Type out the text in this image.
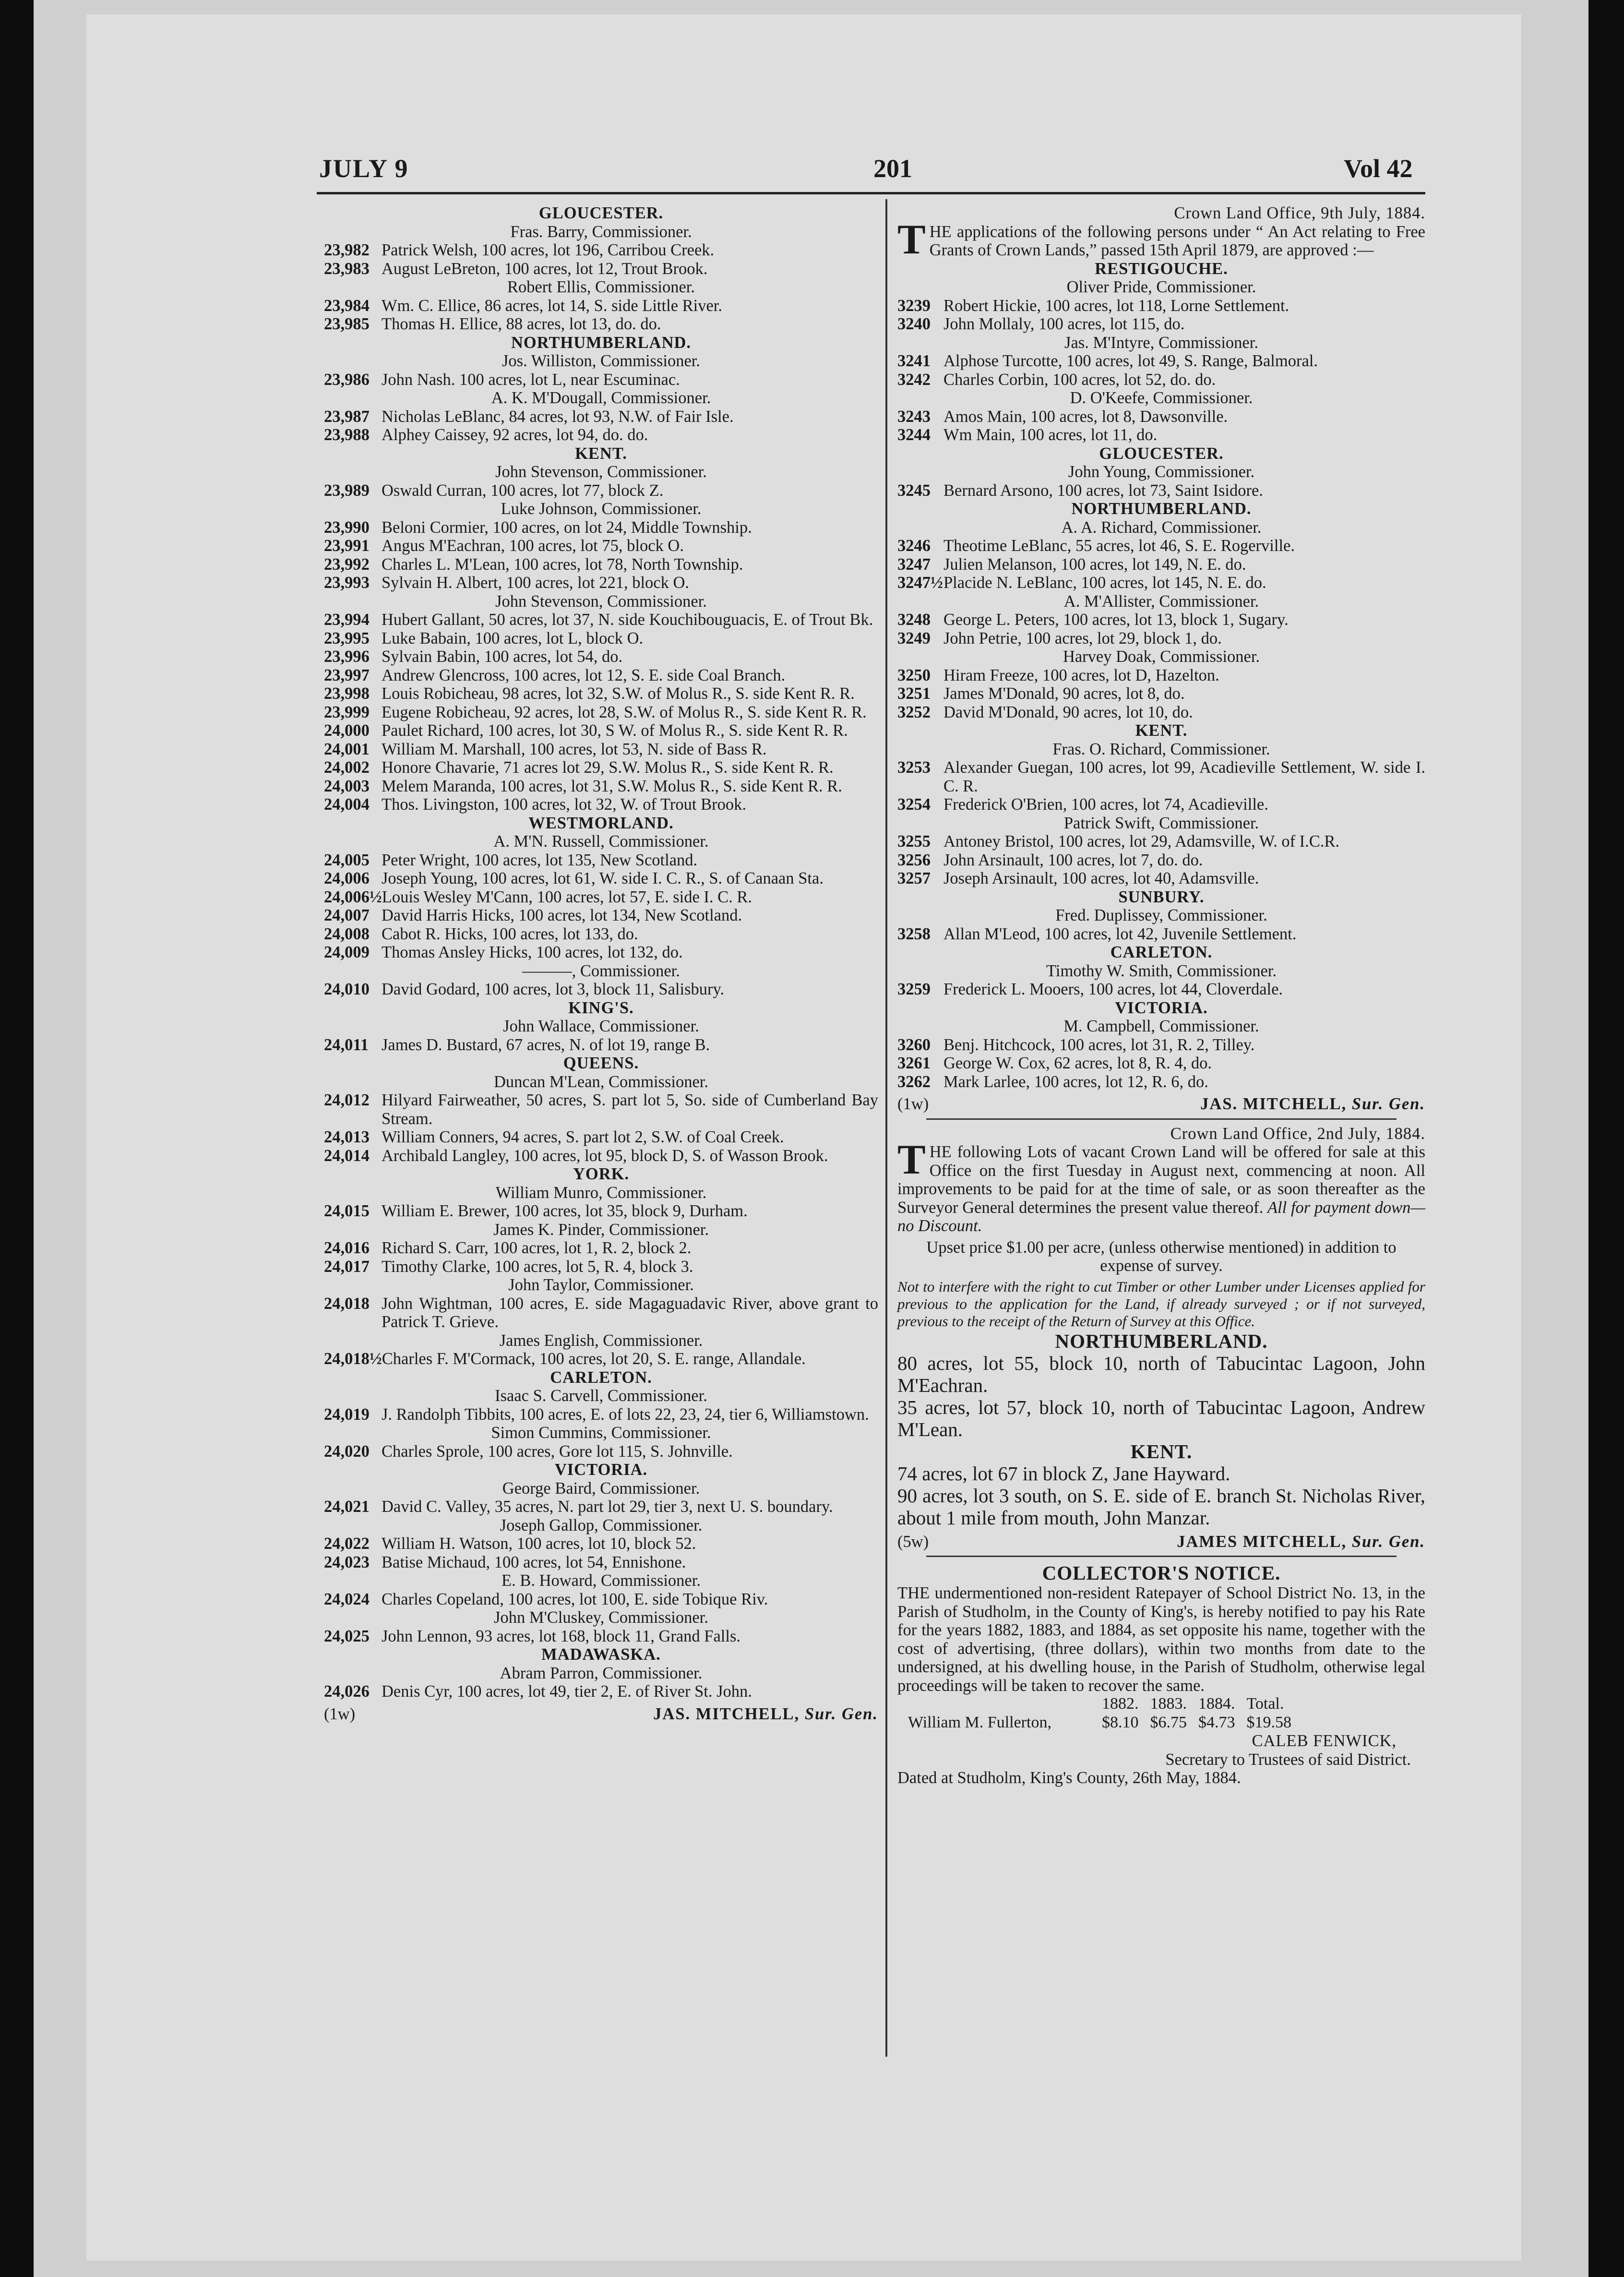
JULY 9	201	Vol 42
GLOUCESTER.
Fras. Barry, Commissioner.
23,982 Patrick Welsh, 100 acres, lot 196, Carribou Creek.
23,983 August LeBreton, 100 acres, lot 12, Trout Brook.
Robert Ellis, Commissioner.
23,984 Wm. C. Ellice, 86 acres, lot 14, S. side Little River.
23,985 Thomas H. Ellice, 88 acres, lot 13, do. do.
NORTHUMBERLAND.
Jos. Williston, Commissioner.
23,986 John Nash. 100 acres, lot L, near Escuminac.
A. K. M'Dougall, Commissioner.
23,987 Nicholas LeBlanc, 84 acres, lot 93, N.W. of Fair Isle.
23,988 Alphey Caissey, 92 acres, lot 94, do. do.
KENT.
John Stevenson, Commissioner.
23,989 Oswald Curran, 100 acres, lot 77, block Z.
Luke Johnson, Commissioner.
23,990 Beloni Cormier, 100 acres, on lot 24, Middle Township.
23,991 Angus M'Eachran, 100 acres, lot 75, block O.
23,992 Charles L. M'Lean, 100 acres, lot 78, North Township.
23,993 Sylvain H. Albert, 100 acres, lot 221, block O.
John Stevenson, Commissioner.
23,994 Hubert Gallant, 50 acres, lot 37, N. side Kouchibouguacis, E. of Trout Bk.
23,995 Luke Babain, 100 acres, lot L, block O.
23,996 Sylvain Babin, 100 acres, lot 54, do.
23,997 Andrew Glencross, 100 acres, lot 12, S. E. side Coal Branch.
23,998 Louis Robicheau, 98 acres, lot 32, S.W. of Molus R., S. side Kent R. R.
23,999 Eugene Robicheau, 92 acres, lot 28, S.W. of Molus R., S. side Kent R. R.
24,000 Paulet Richard, 100 acres, lot 30, S W. of Molus R., S. side Kent R. R.
24,001 William M. Marshall, 100 acres, lot 53, N. side of Bass R.
24,002 Honore Chavarie, 71 acres lot 29, S.W. Molus R., S. side Kent R. R.
24,003 Melem Maranda, 100 acres, lot 31, S.W. Molus R., S. side Kent R. R.
24,004 Thos. Livingston, 100 acres, lot 32, W. of Trout Brook.
WESTMORLAND.
A. M'N. Russell, Commissioner.
24,005 Peter Wright, 100 acres, lot 135, New Scotland.
24,006 Joseph Young, 100 acres, lot 61, W. side I. C. R., S. of Canaan Sta.
24,006½ Louis Wesley M'Cann, 100 acres, lot 57, E. side I. C. R.
24,007 David Harris Hicks, 100 acres, lot 134, New Scotland.
24,008 Cabot R. Hicks, 100 acres, lot 133, do.
24,009 Thomas Ansley Hicks, 100 acres, lot 132, do.
———, Commissioner.
24,010 David Godard, 100 acres, lot 3, block 11, Salisbury.
KING'S.
John Wallace, Commissioner.
24,011 James D. Bustard, 67 acres, N. of lot 19, range B.
QUEENS.
Duncan M'Lean, Commissioner.
24,012 Hilyard Fairweather, 50 acres, S. part lot 5, So. side of Cumberland Bay Stream.
24,013 William Conners, 94 acres, S. part lot 2, S.W. of Coal Creek.
24,014 Archibald Langley, 100 acres, lot 95, block D, S. of Wasson Brook.
YORK.
William Munro, Commissioner.
24,015 William E. Brewer, 100 acres, lot 35, block 9, Durham.
James K. Pinder, Commissioner.
24,016 Richard S. Carr, 100 acres, lot 1, R. 2, block 2.
24,017 Timothy Clarke, 100 acres, lot 5, R. 4, block 3.
John Taylor, Commissioner.
24,018 John Wightman, 100 acres, E. side Magaguadavic River, above grant to Patrick T. Grieve.
James English, Commissioner.
24,018½ Charles F. M'Cormack, 100 acres, lot 20, S. E. range, Allandale.
CARLETON.
Isaac S. Carvell, Commissioner.
24,019 J. Randolph Tibbits, 100 acres, E. of lots 22, 23, 24, tier 6, Williamstown.
Simon Cummins, Commissioner.
24,020 Charles Sprole, 100 acres, Gore lot 115, S. Johnville.
VICTORIA.
George Baird, Commissioner.
24,021 David C. Valley, 35 acres, N. part lot 29, tier 3, next U. S. boundary.
Joseph Gallop, Commissioner.
24,022 William H. Watson, 100 acres, lot 10, block 52.
24,023 Batise Michaud, 100 acres, lot 54, Ennishone.
E. B. Howard, Commissioner.
24,024 Charles Copeland, 100 acres, lot 100, E. side Tobique Riv.
John M'Cluskey, Commissioner.
24,025 John Lennon, 93 acres, lot 168, block 11, Grand Falls.
MADAWASKA.
Abram Parron, Commissioner.
24,026 Denis Cyr, 100 acres, lot 49, tier 2, E. of River St. John.
(1w)	JAS. MITCHELL, Sur. Gen.
Crown Land Office, 9th July, 1884.
THE applications of the following persons under “ An Act relating to Free Grants of Crown Lands,” passed 15th April 1879, are approved :—
RESTIGOUCHE.
Oliver Pride, Commissioner.
3239 Robert Hickie, 100 acres, lot 118, Lorne Settlement.
3240 John Mollaly, 100 acres, lot 115, do.
Jas. M'Intyre, Commissioner.
3241 Alphose Turcotte, 100 acres, lot 49, S. Range, Balmoral.
3242 Charles Corbin, 100 acres, lot 52, do. do.
D. O'Keefe, Commissioner.
3243 Amos Main, 100 acres, lot 8, Dawsonville.
3244 Wm Main, 100 acres, lot 11, do.
GLOUCESTER.
John Young, Commissioner.
3245 Bernard Arsono, 100 acres, lot 73, Saint Isidore.
NORTHUMBERLAND.
A. A. Richard, Commissioner.
3246 Theotime LeBlanc, 55 acres, lot 46, S. E. Rogerville.
3247 Julien Melanson, 100 acres, lot 149, N. E. do.
3247½ Placide N. LeBlanc, 100 acres, lot 145, N. E. do.
A. M'Allister, Commissioner.
3248 George L. Peters, 100 acres, lot 13, block 1, Sugary.
3249 John Petrie, 100 acres, lot 29, block 1, do.
Harvey Doak, Commissioner.
3250 Hiram Freeze, 100 acres, lot D, Hazelton.
3251 James M'Donald, 90 acres, lot 8, do.
3252 David M'Donald, 90 acres, lot 10, do.
KENT.
Fras. O. Richard, Commissioner.
3253 Alexander Guegan, 100 acres, lot 99, Acadieville Settlement, W. side I. C. R.
3254 Frederick O'Brien, 100 acres, lot 74, Acadieville.
Patrick Swift, Commissioner.
3255 Antoney Bristol, 100 acres, lot 29, Adamsville, W. of I.C.R.
3256 John Arsinault, 100 acres, lot 7, do. do.
3257 Joseph Arsinault, 100 acres, lot 40, Adamsville.
SUNBURY.
Fred. Duplissey, Commissioner.
3258 Allan M'Leod, 100 acres, lot 42, Juvenile Settlement.
CARLETON.
Timothy W. Smith, Commissioner.
3259 Frederick L. Mooers, 100 acres, lot 44, Cloverdale.
VICTORIA.
M. Campbell, Commissioner.
3260 Benj. Hitchcock, 100 acres, lot 31, R. 2, Tilley.
3261 George W. Cox, 62 acres, lot 8, R. 4, do.
3262 Mark Larlee, 100 acres, lot 12, R. 6, do.
(1w)	JAS. MITCHELL, Sur. Gen.
Crown Land Office, 2nd July, 1884.
THE following Lots of vacant Crown Land will be offered for sale at this Office on the first Tuesday in August next, commencing at noon. All improvements to be paid for at the time of sale, or as soon thereafter as the Surveyor General determines the present value thereof. All for payment down— no Discount.
Upset price $1.00 per acre, (unless otherwise mentioned) in addition to expense of survey.
Not to interfere with the right to cut Timber or other Lumber under Licenses applied for previous to the application for the Land, if already surveyed ; or if not surveyed, previous to the receipt of the Return of Survey at this Office.
NORTHUMBERLAND.
80 acres, lot 55, block 10, north of Tabucintac Lagoon, John M'Eachran.
35 acres, lot 57, block 10, north of Tabucintac Lagoon, Andrew M'Lean.
KENT.
74 acres, lot 67 in block Z, Jane Hayward.
90 acres, lot 3 south, on S. E. side of E. branch St. Nicholas River, about 1 mile from mouth, John Manzar.
(5w)	JAMES MITCHELL, Sur. Gen.
COLLECTOR'S NOTICE.
THE undermentioned non-resident Ratepayer of School District No. 13, in the Parish of Studholm, in the County of King's, is hereby notified to pay his Rate for the years 1882, 1883, and 1884, as set opposite his name, together with the cost of advertising, (three dollars), within two months from date to the undersigned, at his dwelling house, in the Parish of Studholm, otherwise legal proceedings will be taken to recover the same.
	1882.	1883.	1884.	Total.
William M. Fullerton,	$8.10	$6.75	$4.73	$19.58
CALEB FENWICK,
Secretary to Trustees of said District.
Dated at Studholm, King's County, 26th May, 1884.
